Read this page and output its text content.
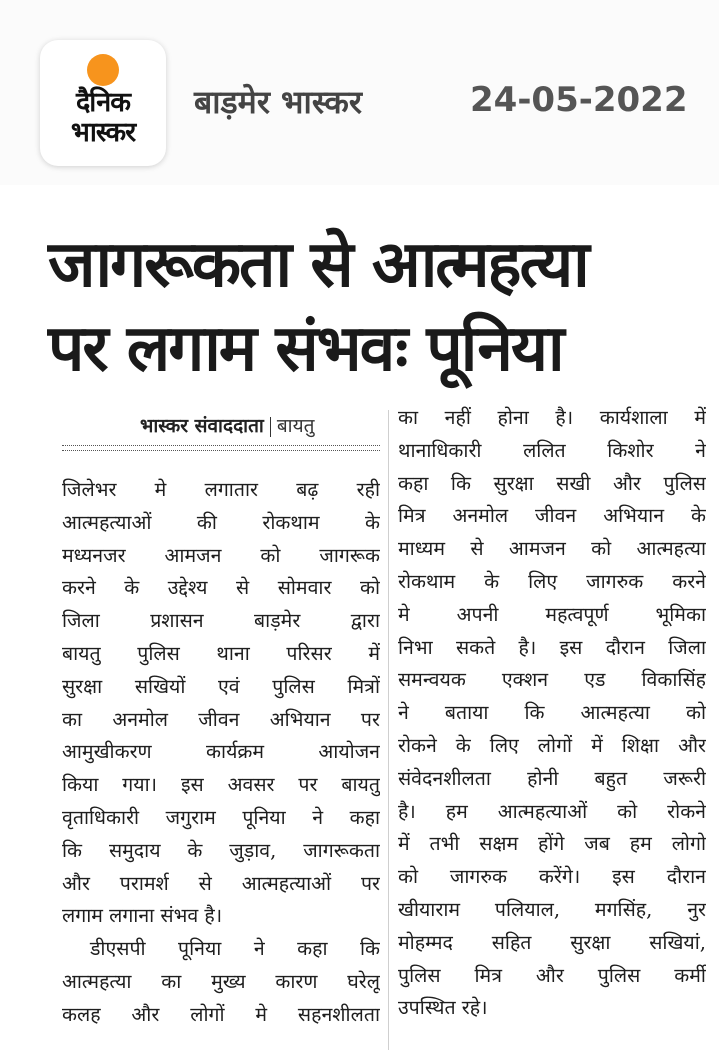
दैनिक
भास्कर
बाड़मेर भास्कर	24-05-2022
जागरूकता से आत्महत्या
पर लगाम संभवः पूनिया
भास्कर संवाददाता बायतु
जिलेभर मे लगातार बढ़ रही
आत्महत्याओं की रोकथाम के
मध्यनजर आमजन को जागरूक
करने के उद्देश्य से सोमवार को
जिला प्रशासन बाड़मेर द्वारा
बायतु पुलिस थाना परिसर में
सुरक्षा सखियों एवं पुलिस मित्रों
का अनमोल जीवन अभियान पर
आमुखीकरण कार्यक्रम आयोजन
किया गया। इस अवसर पर बायतु
वृताधिकारी जगुराम पूनिया ने कहा
कि समुदाय के जुड़ाव, जागरूकता
और परामर्श से आत्महत्याओं पर
लगाम लगाना संभव है।
डीएसपी पूनिया ने कहा कि
आत्महत्या का मुख्य कारण घरेलू
कलह और लोगों मे सहनशीलता
का नहीं होना है। कार्यशाला में
थानाधिकारी ललित किशोर ने
कहा कि सुरक्षा सखी और पुलिस
मित्र अनमोल जीवन अभियान के
माध्यम से आमजन को आत्महत्या
रोकथाम के लिए जागरुक करने
मे अपनी महत्वपूर्ण भूमिका
निभा सकते है। इस दौरान जिला
समन्वयक एक्शन एड विकासिंह
ने बताया कि आत्महत्या को
रोकने के लिए लोगों में शिक्षा और
संवेदनशीलता होनी बहुत जरूरी
है। हम आत्महत्याओं को रोकने
में तभी सक्षम होंगे जब हम लोगो
को जागरुक करेंगे। इस दौरान
खीयाराम पलियाल, मगसिंह, नुर
मोहम्मद सहित सुरक्षा सखियां,
पुलिस मित्र और पुलिस कर्मी
उपस्थित रहे।
